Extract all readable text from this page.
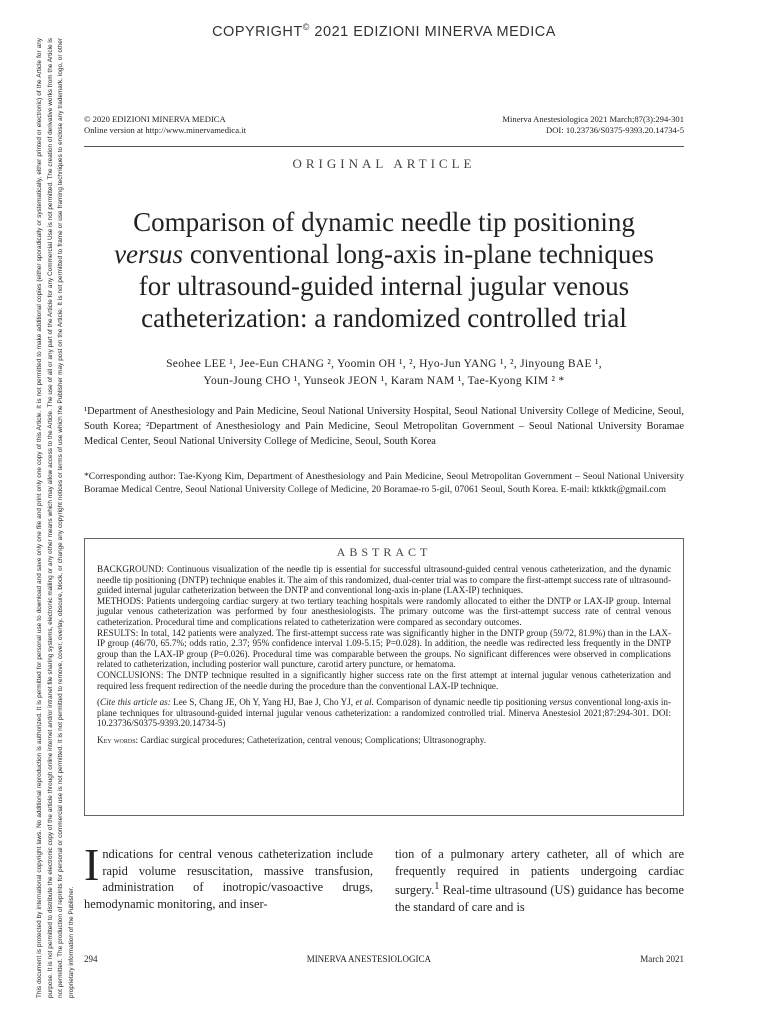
COPYRIGHT© 2021 EDIZIONI MINERVA MEDICA
This document is protected by international copyright laws. No additional reproduction is authorized. It is permitted for personal use to download and save only one file and print only one copy of this Article. It is not permitted to make additional copies (either sporadically or systematically, either printed or electronic) of the Article for any purpose. It is not permitted to distribute the electronic copy of the article through online internet and/or intranet file sharing systems, electronic mailing or any other means which may allow access to the Article. The use of all or any part of the Article for any Commercial Use is not permitted. The creation of derivative works from the Article is not permitted. The production of reprints for personal or commercial use is not permitted. It is not permitted to remove, cover, overlay, obscure, block, or change any copyright notices or terms of use which the Publisher may post on the Article. It is not permitted to frame or use framing techniques to enclose any trademark, logo, or other proprietary information of the Publisher.
© 2020 EDIZIONI MINERVA MEDICA
Online version at http://www.minervamedica.it
Minerva Anestesiologica 2021 March;87(3):294-301
DOI: 10.23736/S0375-9393.20.14734-5
ORIGINAL ARTICLE
Comparison of dynamic needle tip positioning
versus conventional long-axis in-plane techniques
for ultrasound-guided internal jugular venous
catheterization: a randomized controlled trial
Seohee LEE ¹, Jee-Eun CHANG ², Yoomin OH ¹, ², Hyo-Jun YANG ¹, ², Jinyoung BAE ¹,
Youn-Joung CHO ¹, Yunseok JEON ¹, Karam NAM ¹, Tae-Kyong KIM ² *
¹Department of Anesthesiology and Pain Medicine, Seoul National University Hospital, Seoul National University College of Medicine, Seoul, South Korea; ²Department of Anesthesiology and Pain Medicine, Seoul Metropolitan Government – Seoul National University Boramae Medical Center, Seoul National University College of Medicine, Seoul, South Korea
*Corresponding author: Tae-Kyong Kim, Department of Anesthesiology and Pain Medicine, Seoul Metropolitan Government – Seoul National University Boramae Medical Centre, Seoul National University College of Medicine, 20 Boramae-ro 5-gil, 07061 Seoul, South Korea. E-mail: ktkktk@gmail.com
ABSTRACT

BACKGROUND: Continuous visualization of the needle tip is essential for successful ultrasound-guided central venous catheterization, and the dynamic needle tip positioning (DNTP) technique enables it. The aim of this randomized, dual-center trial was to compare the first-attempt success rate of ultrasound-guided internal jugular catheterization between the DNTP and conventional long-axis in-plane (LAX-IP) techniques.

METHODS: Patients undergoing cardiac surgery at two tertiary teaching hospitals were randomly allocated to either the DNTP or LAX-IP group. Internal jugular venous catheterization was performed by four anesthesiologists. The primary outcome was the first-attempt success rate of central venous catheterization. Procedural time and complications related to catheterization were compared as secondary outcomes.

RESULTS: In total, 142 patients were analyzed. The first-attempt success rate was significantly higher in the DNTP group (59/72, 81.9%) than in the LAX-IP group (46/70, 65.7%; odds ratio, 2.37; 95% confidence interval 1.09-5.15; P=0.028). In addition, the needle was redirected less frequently in the DNTP group than the LAX-IP group (P=0.026). Procedural time was comparable between the groups. No significant differences were observed in complications related to catheterization, including posterior wall puncture, carotid artery puncture, or hematoma.

CONCLUSIONS: The DNTP technique resulted in a significantly higher success rate on the first attempt at internal jugular venous catheterization and required less frequent redirection of the needle during the procedure than the conventional LAX-IP technique.

(Cite this article as: Lee S, Chang JE, Oh Y, Yang HJ, Bae J, Cho YJ, et al. Comparison of dynamic needle tip positioning versus conventional long-axis in-plane techniques for ultrasound-guided internal jugular venous catheterization: a randomized controlled trial. Minerva Anestesiol 2021;87:294-301. DOI: 10.23736/S0375-9393.20.14734-5)

Key words: Cardiac surgical procedures; Catheterization, central venous; Complications; Ultrasonography.

Indications for central venous catheterization include rapid volume resuscitation, massive transfusion, administration of inotropic/vasoactive drugs, hemodynamic monitoring, and inser-
tion of a pulmonary artery catheter, all of which are frequently required in patients undergoing cardiac surgery.$^1$ Real-time ultrasound (US) guidance has become the standard of care and is
294	MINERVA ANESTESIOLOGICA	March 2021
